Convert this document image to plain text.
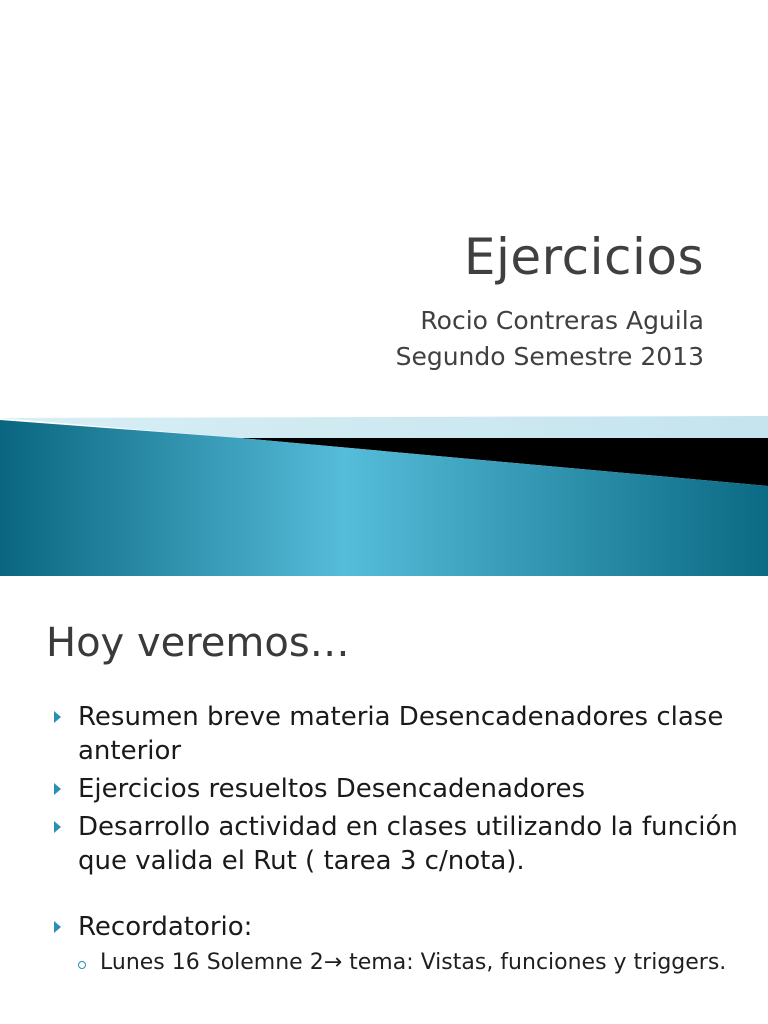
Ejercicios
Rocio Contreras Aguila
Segundo Semestre 2013
Hoy veremos…
Resumen breve materia Desencadenadores clase anterior
Ejercicios resueltos Desencadenadores
Desarrollo actividad en clases utilizando la función que valida el Rut ( tarea 3 c/nota).
Recordatorio:
Lunes 16 Solemne 2→ tema: Vistas, funciones y triggers.
